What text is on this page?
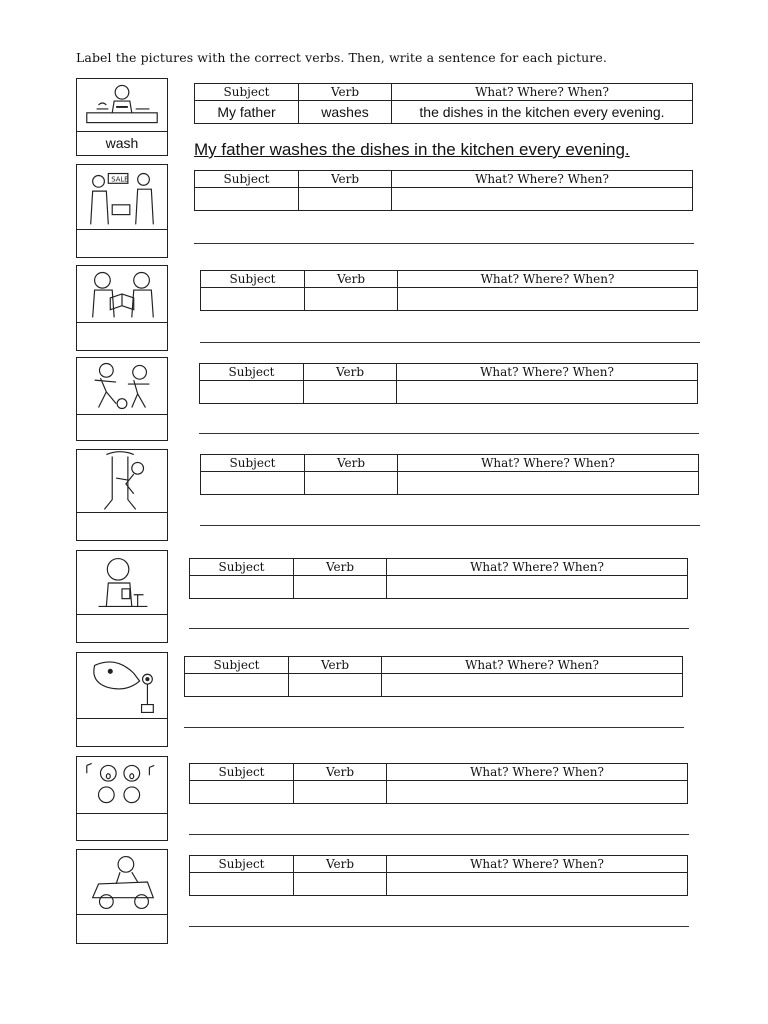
Label the pictures with the correct verbs. Then, write a sentence for each picture.
wash
Subject	Verb	What? Where? When?
My father	washes	the dishes in the kitchen every evening.
My father washes the dishes in the kitchen every evening.
SALE	Subject	Verb	What? Where? When?

Subject	Verb	What? Where? When?

Subject	Verb	What? Where? When?

Subject	Verb	What? Where? When?

Subject	Verb	What? Where? When?

Subject	Verb	What? Where? When?

Subject	Verb	What? Where? When?

Subject	Verb	What? Where? When?
